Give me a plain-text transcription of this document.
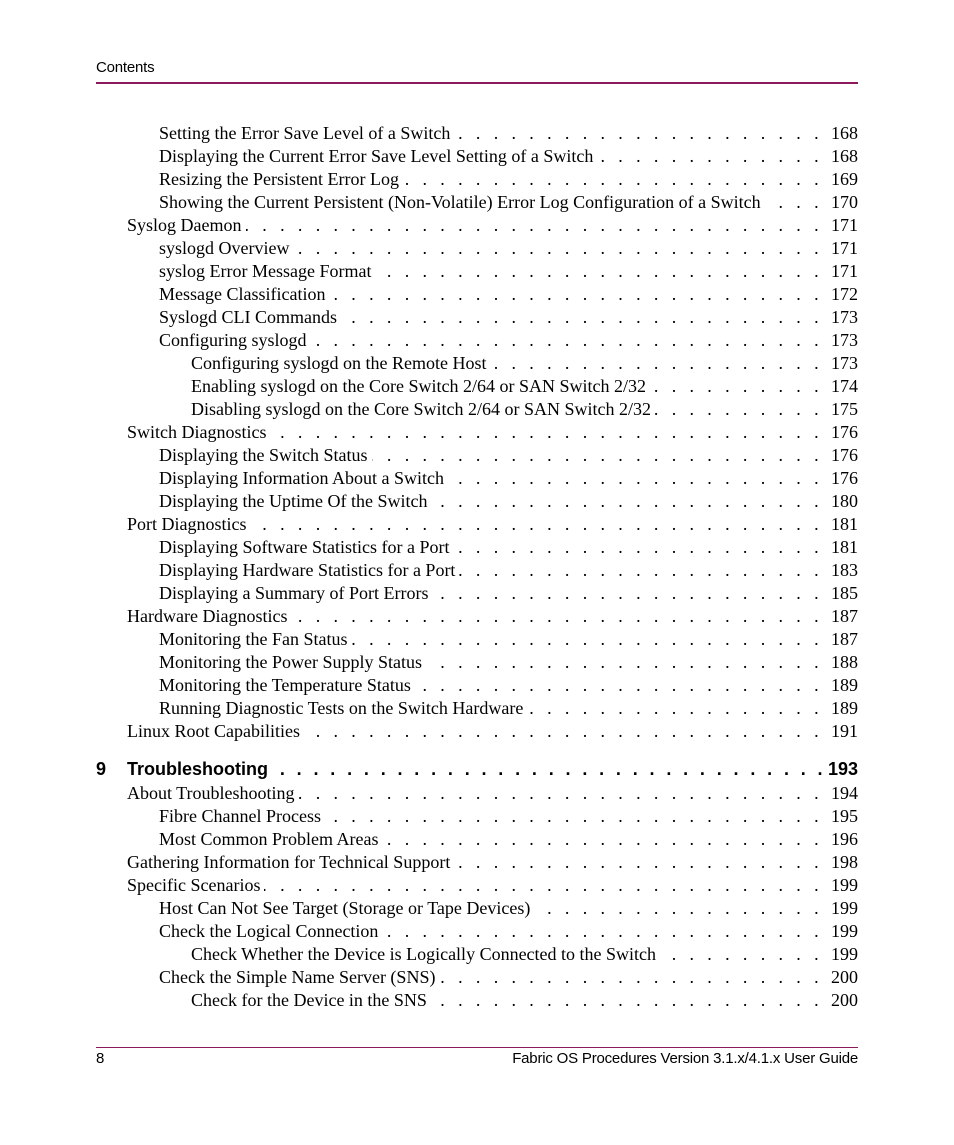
Contents
Setting the Error Save Level of a Switch . . .	168
Displaying the Current Error Save Level Setting of a Switch . . .	168
Resizing the Persistent Error Log . . .	169
Showing the Current Persistent (Non-Volatile) Error Log Configuration of a Switch . . .	170
Syslog Daemon . . .	171
syslogd Overview . . .	171
syslog Error Message Format . . .	171
Message Classification . . .	172
Syslogd CLI Commands . . .	173
Configuring syslogd . . .	173
Configuring syslogd on the Remote Host . . .	173
Enabling syslogd on the Core Switch 2/64 or SAN Switch 2/32 . . .	174
Disabling syslogd on the Core Switch 2/64 or SAN Switch 2/32 . . .	175
Switch Diagnostics . . .	176
Displaying the Switch Status . . .	176
Displaying Information About a Switch . . .	176
Displaying the Uptime Of the Switch . . .	180
Port Diagnostics . . .	181
Displaying Software Statistics for a Port . . .	181
Displaying Hardware Statistics for a Port . . .	183
Displaying a Summary of Port Errors . . .	185
Hardware Diagnostics . . .	187
Monitoring the Fan Status . . .	187
Monitoring the Power Supply Status . . .	188
Monitoring the Temperature Status . . .	189
Running Diagnostic Tests on the Switch Hardware . . .	189
Linux Root Capabilities . . .	191
9	Troubleshooting . . .	193
About Troubleshooting . . .	194
Fibre Channel Process . . .	195
Most Common Problem Areas . . .	196
Gathering Information for Technical Support . . .	198
Specific Scenarios . . .	199
Host Can Not See Target (Storage or Tape Devices) . . .	199
Check the Logical Connection . . .	199
Check Whether the Device is Logically Connected to the Switch . . .	199
Check the Simple Name Server (SNS) . . .	200
Check for the Device in the SNS . . .	200
8	Fabric OS Procedures Version 3.1.x/4.1.x User Guide
